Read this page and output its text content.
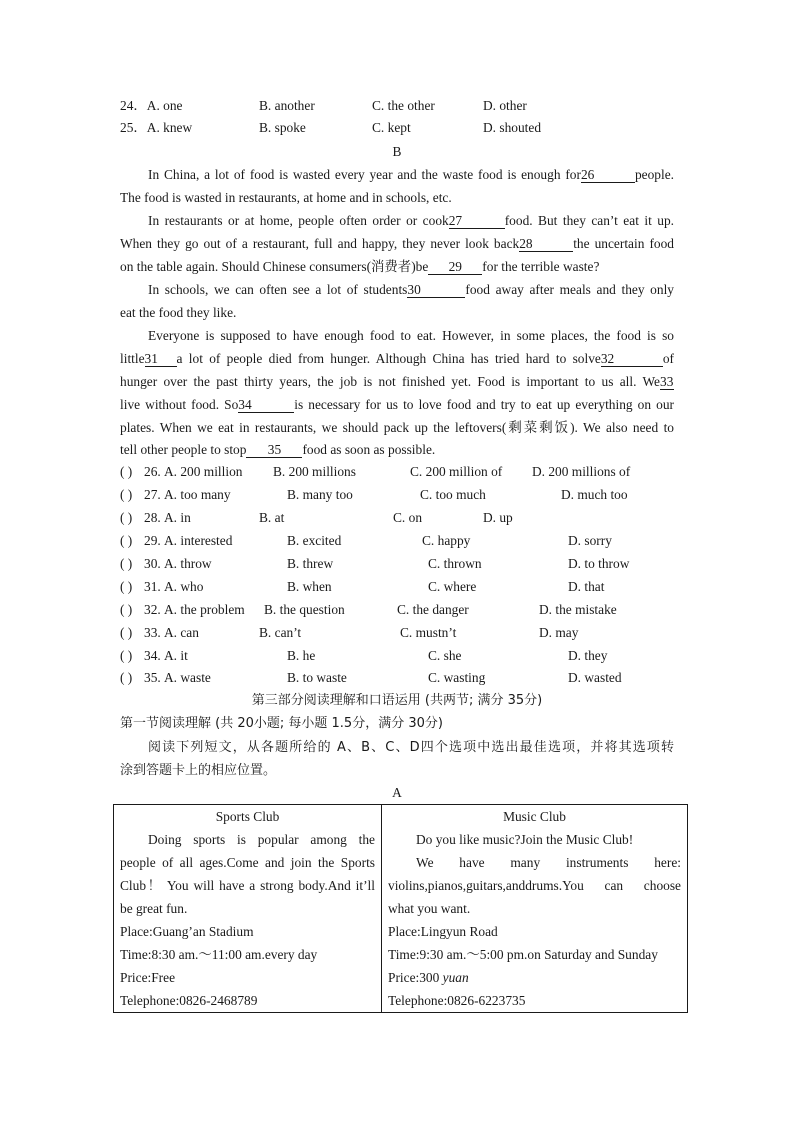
24．A. one	B. another	C. the other	D. other
25．A. knew	B. spoke	C. kept	D. shouted
B
In China, a lot of food is wasted every year and the waste food is enough for26	people.
The food is wasted in restaurants, at home and in schools, etc.
In restaurants or at home, people often order or cook27	food. But they can’t eat it up.
When they go out of a restaurant, full and happy, they never look back28	the uncertain food
on the table again. Should Chinese consumers(消费者)be 29 for the terrible waste?
In schools, we can often see a lot of students30	food away after meals and they only
eat the food they like.
Everyone is supposed to have enough food to eat. However, in some places, the food is so
little31 a lot of people died from hunger. Although China has tried hard to solve32	of
hunger over the past thirty years, the job is not finished yet. Food is important to us all. We33
live without food. So34	is necessary for us to love food and try to eat up everything on our
plates. When we eat in restaurants, we should pack up the leftovers(剩菜剩饭). We also need to
tell other people to stop 35 food as soon as possible.
( ) 26. A. 200 million B. 200 millions	C. 200 million of D. 200 millions of
( ) 27. A. too many	B. many too	C. too much	D. much too
( ) 28. A. in	B. at	C. on	D. up
( ) 29. A. interested	B. excited	C. happy	D. sorry
( ) 30. A. throw	B. threw	C. thrown	D. to throw
( ) 31. A. who	B. when	C. where	D. that
( ) 32. A. the problem B. the question	C. the danger	D. the mistake
( ) 33. A. can	B. can’t	C. mustn’t	D. may
( ) 34. A. it	B. he	C. she	D. they
( ) 35. A. waste	B. to waste	C. wasting	D. wasted
第三部分阅读理解和口语运用 (共两节; 满分 35分)
第一节阅读理解 (共 20小题; 每小题 1.5分，满分 30分)
阅读下列短文，从各题所给的 A、B、C、D四个选项中选出最佳选项，并将其选项转
涂到答题卡上的相应位置。
A
Sports Club
Doing sports is popular among the
people of all ages.Come and join the Sports
Club！ You will have a strong body.And it’ll
be great fun.
Place:Guang’an Stadium
Time:8:30 am.～11:00 am.every day
Price:Free
Telephone:0826-2468789

Music Club
Do you like music?Join the Music Club!
We have many instruments here:
violins,pianos,guitars,anddrums.You can choose
what you want.
Place:Lingyun Road
Time:9:30 am.～5:00 pm.on Saturday and Sunday
Price:300 yuan
Telephone:0826-6223735
